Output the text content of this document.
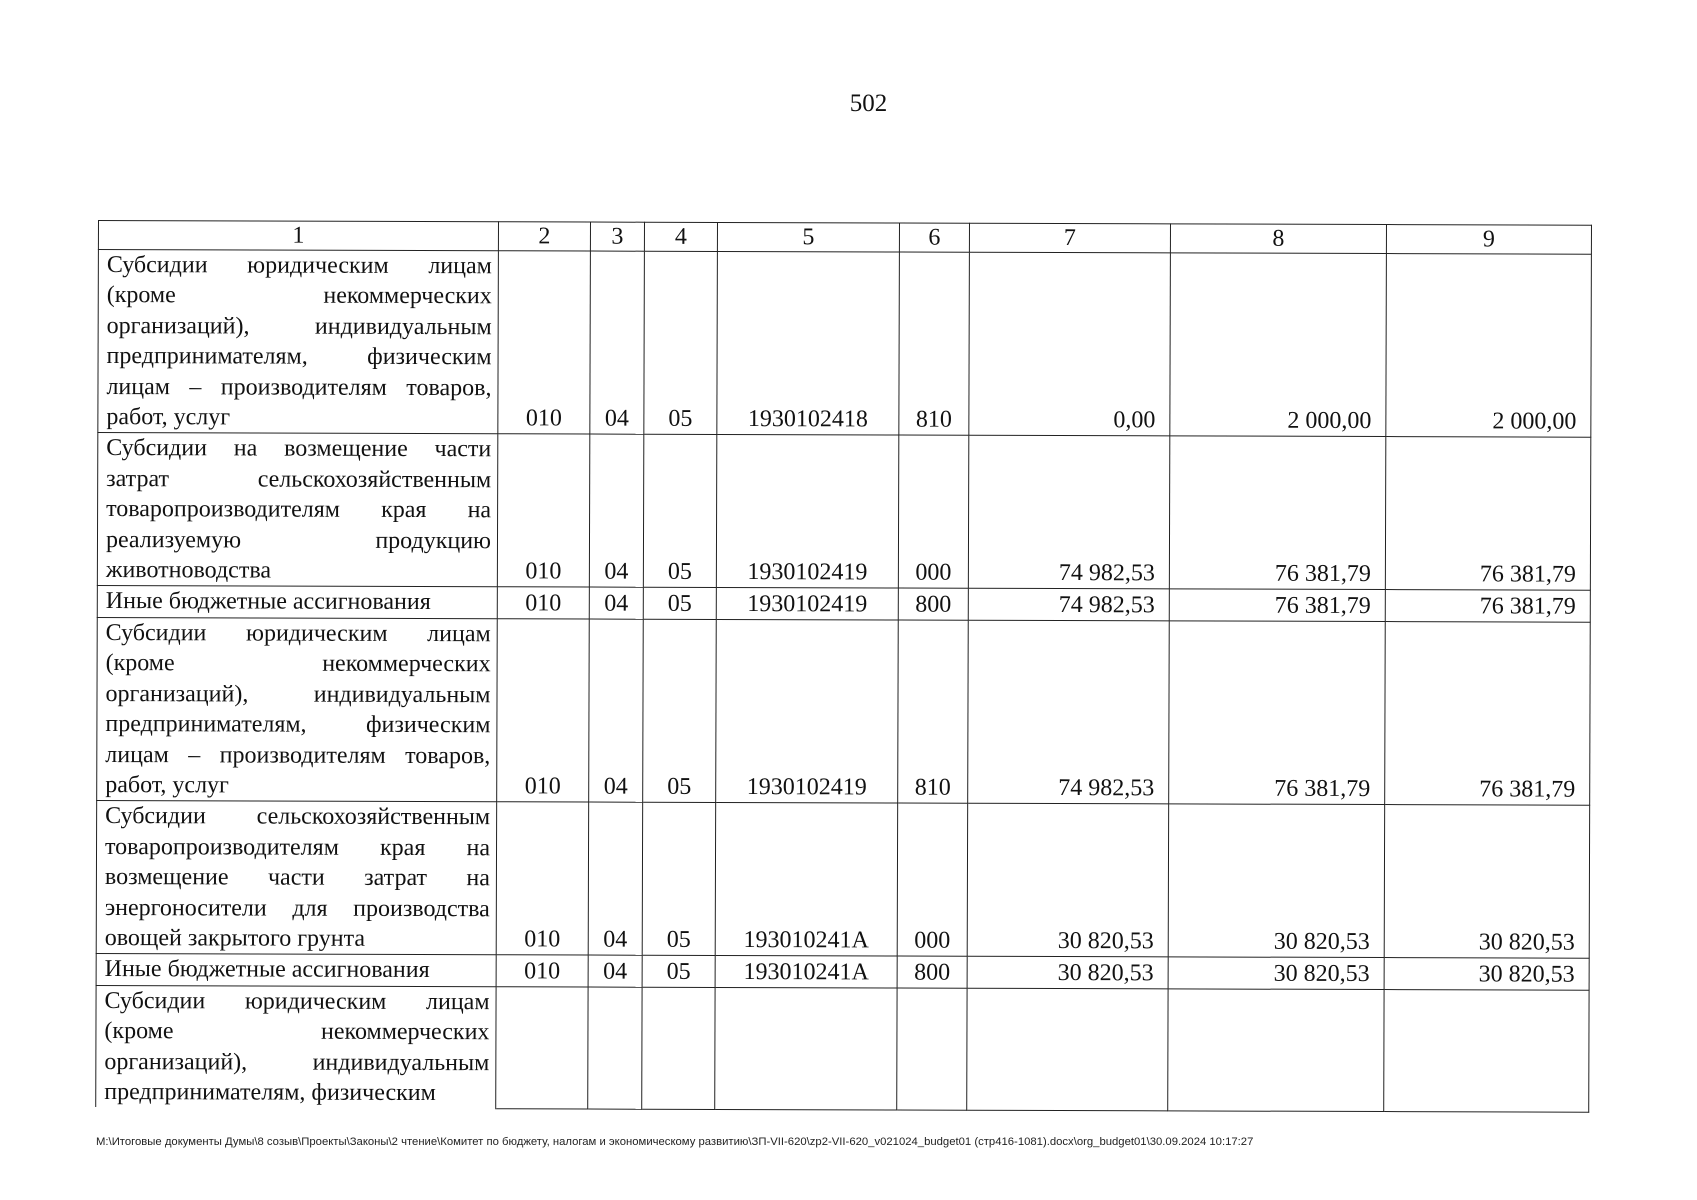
502
1	2	3	4	5	6	7	8	9
Субсидии юридическим лицам (кроме некоммерческих организаций), индивидуальным предпринимателям, физическим лицам – производителям товаров, работ, услуг	010	04	05	1930102418	810	0,00	2 000,00	2 000,00
Субсидии на возмещение части затрат сельскохозяйственным товаропроизводителям края на реализуемую продукцию животноводства	010	04	05	1930102419	000	74 982,53	76 381,79	76 381,79
Иные бюджетные ассигнования	010	04	05	1930102419	800	74 982,53	76 381,79	76 381,79
Субсидии юридическим лицам (кроме некоммерческих организаций), индивидуальным предпринимателям, физическим лицам – производителям товаров, работ, услуг	010	04	05	1930102419	810	74 982,53	76 381,79	76 381,79
Субсидии сельскохозяйственным товаропроизводителям края на возмещение части затрат на энергоносители для производства овощей закрытого грунта	010	04	05	193010241А	000	30 820,53	30 820,53	30 820,53
Иные бюджетные ассигнования	010	04	05	193010241А	800	30 820,53	30 820,53	30 820,53
Субсидии юридическим лицам (кроме некоммерческих организаций), индивидуальным предпринимателям, физическим								
M:\Итоговые документы Думы\8 созыв\Проекты\Законы\2 чтение\Комитет по бюджету, налогам и экономическому развитию\ЗП-VII-620\zp2-VII-620_v021024_budget01 (стр416-1081).docx\org_budget01\30.09.2024 10:17:27
